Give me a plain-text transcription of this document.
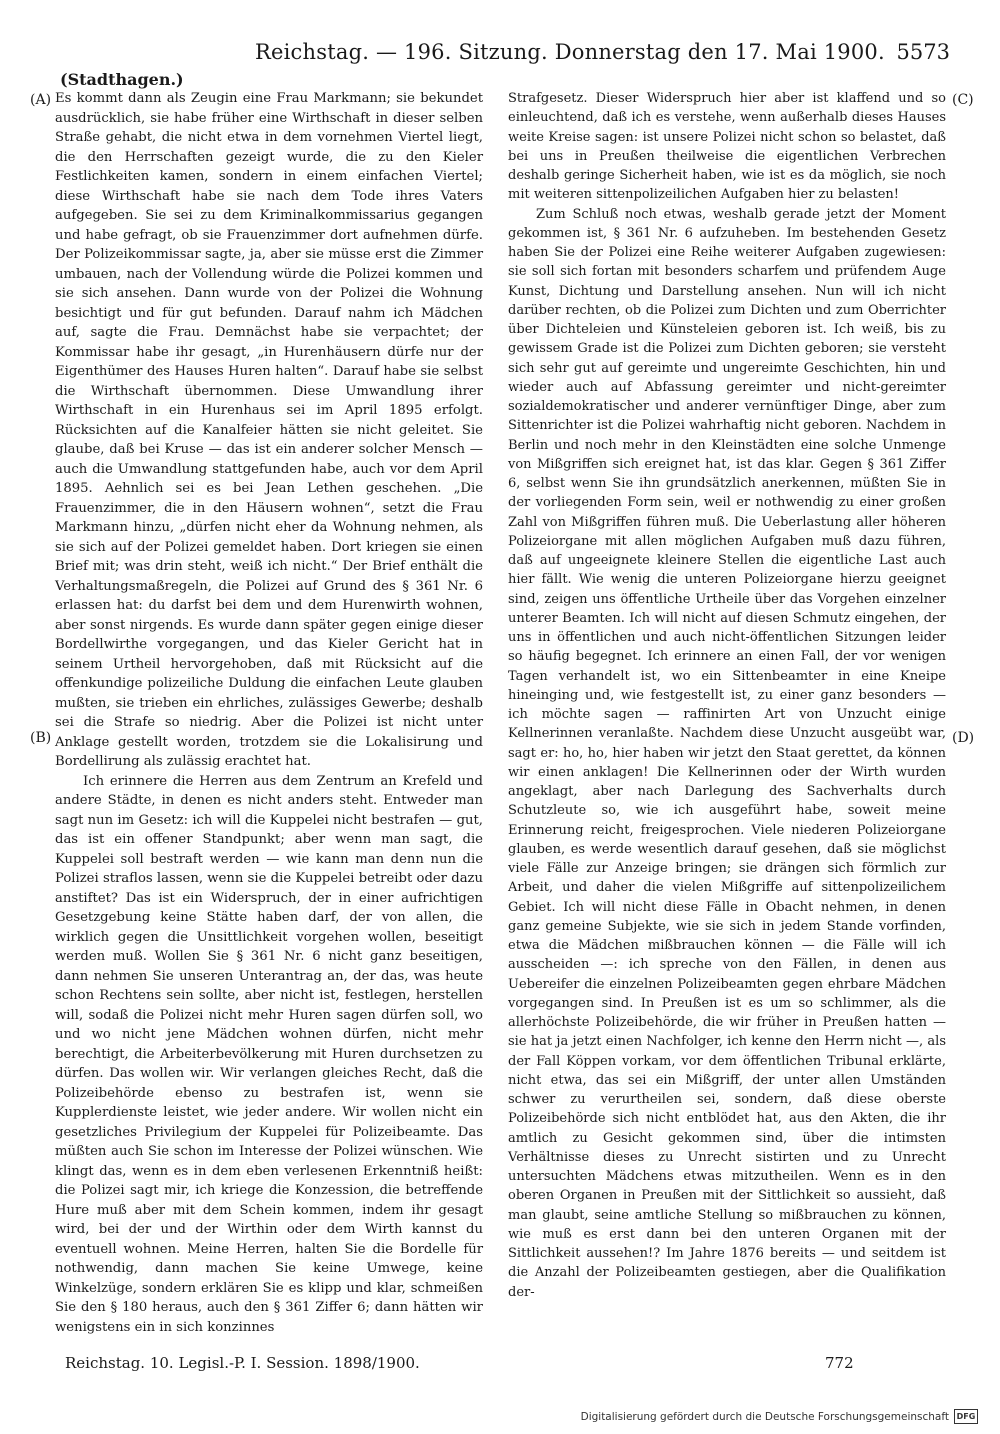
Reichstag. — 196. Sitzung. Donnerstag den 17. Mai 1900. 5573
(Stadthagen.)
(A)
(B)
(C)
(D)

Es kommt dann als Zeugin eine Frau Markmann; sie bekundet ausdrücklich, sie habe früher eine Wirthschaft in dieser selben Straße gehabt, die nicht etwa in dem vornehmen Viertel liegt, die den Herrschaften gezeigt wurde, die zu den Kieler Festlichkeiten kamen, sondern in einem einfachen Viertel; diese Wirthschaft habe sie nach dem Tode ihres Vaters aufgegeben. Sie sei zu dem Kriminalkommissarius gegangen und habe gefragt, ob sie Frauenzimmer dort aufnehmen dürfe. Der Polizeikommissar sagte, ja, aber sie müsse erst die Zimmer umbauen, nach der Vollendung würde die Polizei kommen und sie sich ansehen. Dann wurde von der Polizei die Wohnung besichtigt und für gut befunden. Darauf nahm ich Mädchen auf, sagte die Frau. Demnächst habe sie verpachtet; der Kommissar habe ihr gesagt, „in Hurenhäusern dürfe nur der Eigenthümer des Hauses Huren halten“. Darauf habe sie selbst die Wirthschaft übernommen. Diese Umwandlung ihrer Wirthschaft in ein Hurenhaus sei im April 1895 erfolgt. Rücksichten auf die Kanalfeier hätten sie nicht geleitet. Sie glaube, daß bei Kruse — das ist ein anderer solcher Mensch — auch die Umwandlung stattgefunden habe, auch vor dem April 1895. Aehnlich sei es bei Jean Lethen geschehen. „Die Frauenzimmer, die in den Häusern wohnen“, setzt die Frau Markmann hinzu, „dürfen nicht eher da Wohnung nehmen, als sie sich auf der Polizei gemeldet haben. Dort kriegen sie einen Brief mit; was drin steht, weiß ich nicht.“ Der Brief enthält die Verhaltungsmaßregeln, die Polizei auf Grund des § 361 Nr. 6 erlassen hat: du darfst bei dem und dem Hurenwirth wohnen, aber sonst nirgends. Es wurde dann später gegen einige dieser Bordellwirthe vorgegangen, und das Kieler Gericht hat in seinem Urtheil hervorgehoben, daß mit Rücksicht auf die offenkundige polizeiliche Duldung die einfachen Leute glauben mußten, sie trieben ein ehrliches, zulässiges Gewerbe; deshalb sei die Strafe so niedrig. Aber die Polizei ist nicht unter Anklage gestellt worden, trotzdem sie die Lokalisirung und Bordellirung als zulässig erachtet hat.

Ich erinnere die Herren aus dem Zentrum an Krefeld und andere Städte, in denen es nicht anders steht. Entweder man sagt nun im Gesetz: ich will die Kuppelei nicht bestrafen — gut, das ist ein offener Standpunkt; aber wenn man sagt, die Kuppelei soll bestraft werden — wie kann man denn nun die Polizei straflos lassen, wenn sie die Kuppelei betreibt oder dazu anstiftet? Das ist ein Widerspruch, der in einer aufrichtigen Gesetzgebung keine Stätte haben darf, der von allen, die wirklich gegen die Unsittlichkeit vorgehen wollen, beseitigt werden muß. Wollen Sie § 361 Nr. 6 nicht ganz beseitigen, dann nehmen Sie unseren Unterantrag an, der das, was heute schon Rechtens sein sollte, aber nicht ist, festlegen, herstellen will, sodaß die Polizei nicht mehr Huren sagen dürfen soll, wo und wo nicht jene Mädchen wohnen dürfen, nicht mehr berechtigt, die Arbeiterbevölkerung mit Huren durchsetzen zu dürfen. Das wollen wir. Wir verlangen gleiches Recht, daß die Polizeibehörde ebenso zu bestrafen ist, wenn sie Kupplerdienste leistet, wie jeder andere. Wir wollen nicht ein gesetzliches Privilegium der Kuppelei für Polizeibeamte. Das müßten auch Sie schon im Interesse der Polizei wünschen. Wie klingt das, wenn es in dem eben verlesenen Erkenntniß heißt: die Polizei sagt mir, ich kriege die Konzession, die betreffende Hure muß aber mit dem Schein kommen, indem ihr gesagt wird, bei der und der Wirthin oder dem Wirth kannst du eventuell wohnen. Meine Herren, halten Sie die Bordelle für nothwendig, dann machen Sie keine Umwege, keine Winkelzüge, sondern erklären Sie es klipp und klar, schmeißen Sie den § 180 heraus, auch den § 361 Ziffer 6; dann hätten wir wenigstens ein in sich konzinnes

Strafgesetz. Dieser Widerspruch hier aber ist klaffend und so einleuchtend, daß ich es verstehe, wenn außerhalb dieses Hauses weite Kreise sagen: ist unsere Polizei nicht schon so belastet, daß bei uns in Preußen theilweise die eigentlichen Verbrechen deshalb geringe Sicherheit haben, wie ist es da möglich, sie noch mit weiteren sittenpolizeilichen Aufgaben hier zu belasten!

Zum Schluß noch etwas, weshalb gerade jetzt der Moment gekommen ist, § 361 Nr. 6 aufzuheben. Im bestehenden Gesetz haben Sie der Polizei eine Reihe weiterer Aufgaben zugewiesen: sie soll sich fortan mit besonders scharfem und prüfendem Auge Kunst, Dichtung und Darstellung ansehen. Nun will ich nicht darüber rechten, ob die Polizei zum Dichten und zum Oberrichter über Dichteleien und Künsteleien geboren ist. Ich weiß, bis zu gewissem Grade ist die Polizei zum Dichten geboren; sie versteht sich sehr gut auf gereimte und ungereimte Geschichten, hin und wieder auch auf Abfassung gereimter und nicht-gereimter sozialdemokratischer und anderer vernünftiger Dinge, aber zum Sittenrichter ist die Polizei wahrhaftig nicht geboren. Nachdem in Berlin und noch mehr in den Kleinstädten eine solche Unmenge von Mißgriffen sich ereignet hat, ist das klar. Gegen § 361 Ziffer 6, selbst wenn Sie ihn grundsätzlich anerkennen, müßten Sie in der vorliegenden Form sein, weil er nothwendig zu einer großen Zahl von Mißgriffen führen muß. Die Ueberlastung aller höheren Polizeiorgane mit allen möglichen Aufgaben muß dazu führen, daß auf ungeeignete kleinere Stellen die eigentliche Last auch hier fällt. Wie wenig die unteren Polizeiorgane hierzu geeignet sind, zeigen uns öffentliche Urtheile über das Vorgehen einzelner unterer Beamten. Ich will nicht auf diesen Schmutz eingehen, der uns in öffentlichen und auch nicht-öffentlichen Sitzungen leider so häufig begegnet. Ich erinnere an einen Fall, der vor wenigen Tagen verhandelt ist, wo ein Sittenbeamter in eine Kneipe hineinging und, wie festgestellt ist, zu einer ganz besonders — ich möchte sagen — raffinirten Art von Unzucht einige Kellnerinnen veranlaßte. Nachdem diese Unzucht ausgeübt war, sagt er: ho, ho, hier haben wir jetzt den Staat gerettet, da können wir einen anklagen! Die Kellnerinnen oder der Wirth wurden angeklagt, aber nach Darlegung des Sachverhalts durch Schutzleute so, wie ich ausgeführt habe, soweit meine Erinnerung reicht, freigesprochen. Viele niederen Polizeiorgane glauben, es werde wesentlich darauf gesehen, daß sie möglichst viele Fälle zur Anzeige bringen; sie drängen sich förmlich zur Arbeit, und daher die vielen Mißgriffe auf sittenpolizeilichem Gebiet. Ich will nicht diese Fälle in Obacht nehmen, in denen ganz gemeine Subjekte, wie sie sich in jedem Stande vorfinden, etwa die Mädchen mißbrauchen können — die Fälle will ich ausscheiden —: ich spreche von den Fällen, in denen aus Uebereifer die einzelnen Polizeibeamten gegen ehrbare Mädchen vorgegangen sind. In Preußen ist es um so schlimmer, als die allerhöchste Polizeibehörde, die wir früher in Preußen hatten — sie hat ja jetzt einen Nachfolger, ich kenne den Herrn nicht —, als der Fall Köppen vorkam, vor dem öffentlichen Tribunal erklärte, nicht etwa, das sei ein Mißgriff, der unter allen Umständen schwer zu verurtheilen sei, sondern, daß diese oberste Polizeibehörde sich nicht entblödet hat, aus den Akten, die ihr amtlich zu Gesicht gekommen sind, über die intimsten Verhältnisse dieses zu Unrecht sistirten und zu Unrecht untersuchten Mädchens etwas mitzutheilen. Wenn es in den oberen Organen in Preußen mit der Sittlichkeit so aussieht, daß man glaubt, seine amtliche Stellung so mißbrauchen zu können, wie muß es erst dann bei den unteren Organen mit der Sittlichkeit aussehen!? Im Jahre 1876 bereits — und seitdem ist die Anzahl der Polizeibeamten gestiegen, aber die Qualifikation der-

Reichstag. 10. Legisl.-P. I. Session. 1898/1900.	772
Digitalisierung gefördert durch die Deutsche Forschungsgemeinschaft DFG
